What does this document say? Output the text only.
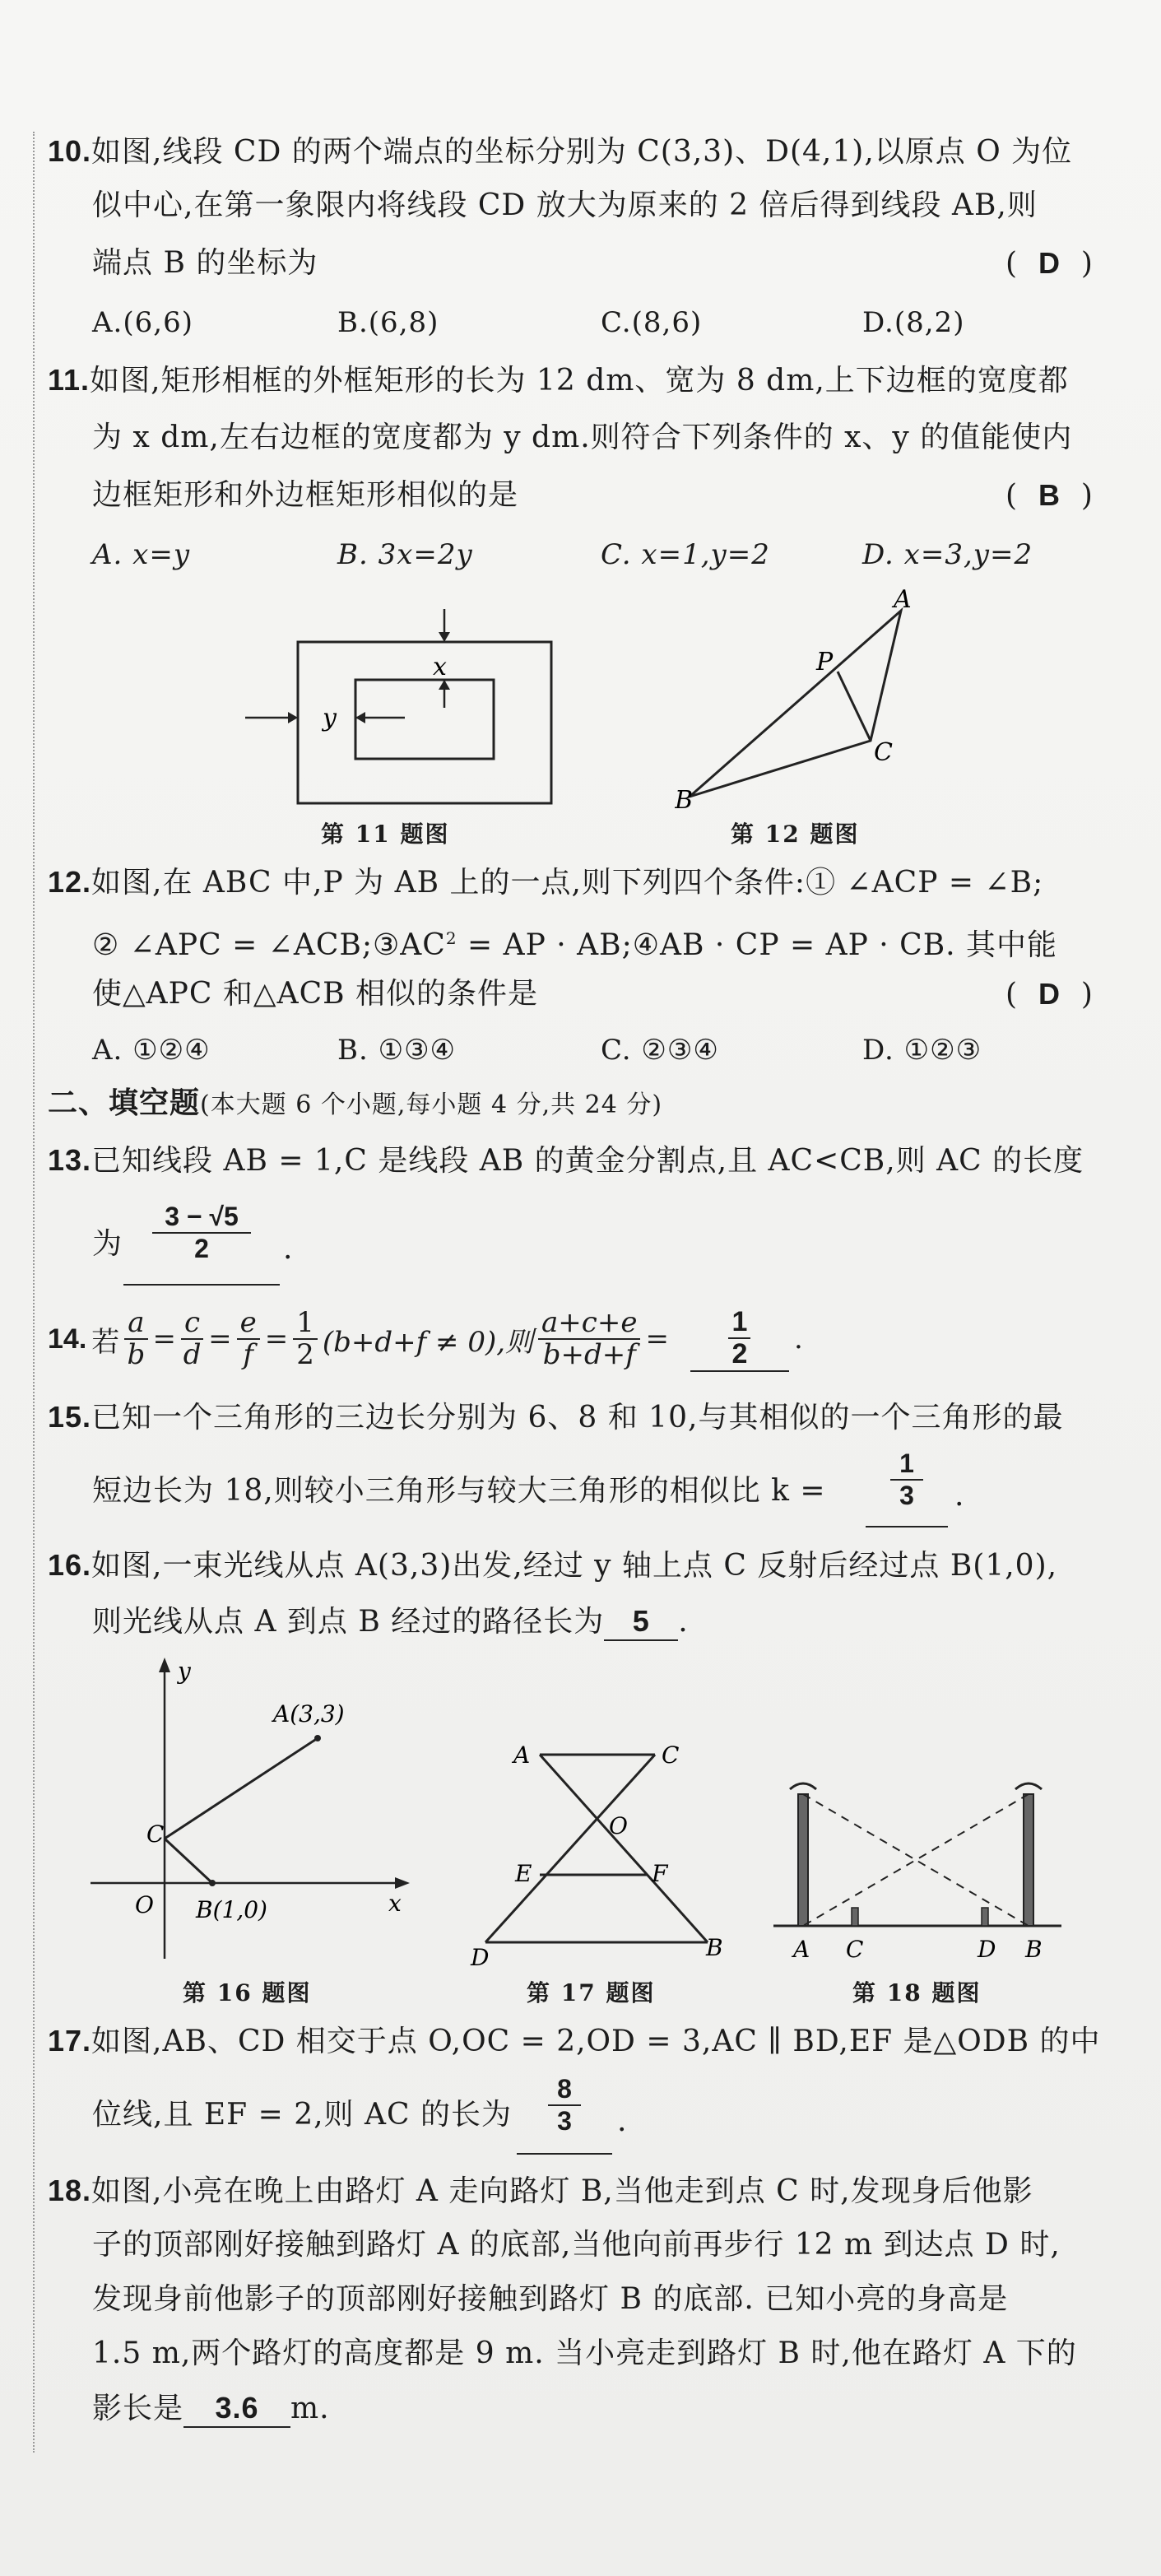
10.如图,线段 CD 的两个端点的坐标分别为 C(3,3)、D(4,1),以原点 O 为位
似中心,在第一象限内将线段 CD 放大为原来的 2 倍后得到线段 AB,则
端点 B 的坐标为	( D )
A.(6,6)	B.(6,8)	C.(8,6)	D.(8,2)
11.如图,矩形相框的外框矩形的长为 12 dm、宽为 8 dm,上下边框的宽度都
为 x dm,左右边框的宽度都为 y dm.则符合下列条件的 x、y 的值能使内
边框矩形和外边框矩形相似的是	( B )
A. x=y	B. 3x=2y	C. x=1,y=2	D. x=3,y=2
x
y
第 11 题图
A
B
C
P
第 12 题图
12.如图,在 ABC 中,P 为 AB 上的一点,则下列四个条件:① ∠ACP = ∠B;
② ∠APC = $\angle ACB;③AC^2$ = AP · AB;④AB · CP = AP · CB. 其中能
使△APC 和△ACB 相似的条件是	( D )
A. ①②④	B. ①③④	C. ②③④	D. ①②③
二、填空题(本大题 6 个小题,每小题 4 分,共 24 分)
13.已知线段 AB = 1,C 是线段 AB 的黄金分割点,且 AC<CB,则 AC 的长度
为 $\frac{3 - √5}{2}$ .
14. 若 $\frac{a}{b} = \frac{c}{d} = \frac{e}{f} = \frac{1}{2} (b+d+f \ne 0)$,则 $\frac{a+c+e}{b+d+f} = \frac{1}{2}$ .
15.已知一个三角形的三边长分别为 6、8 和 10,与其相似的一个三角形的最
短边长为 18,则较小三角形与较大三角形的相似比 k =
1
3	.
16.如图,一束光线从点 A(3,3)出发,经过 y 轴上点 C 反射后经过点 B(1,0),
则光线从点 A 到点 B 经过的路径长为 5 .
y
x
O
A(3,3)
C
B(1,0)
第 16 题图
A	C
O
E	F
D	B
第 17 题图
A C	D B
第 18 题图
17.如图,AB、CD 相交于点 O,OC = 2,OD = 3,AC ∥ BD,EF 是△ODB 的中
位线,且 EF = 2,则 AC 的长为
8
3	.
18.如图,小亮在晚上由路灯 A 走向路灯 B,当他走到点 C 时,发现身后他影
子的顶部刚好接触到路灯 A 的底部,当他向前再步行 12 m 到达点 D 时,
发现身前他影子的顶部刚好接触到路灯 B 的底部. 已知小亮的身高是
1.5 m,两个路灯的高度都是 9 m. 当小亮走到路灯 B 时,他在路灯 A 下的
影长是 3.6 m.
